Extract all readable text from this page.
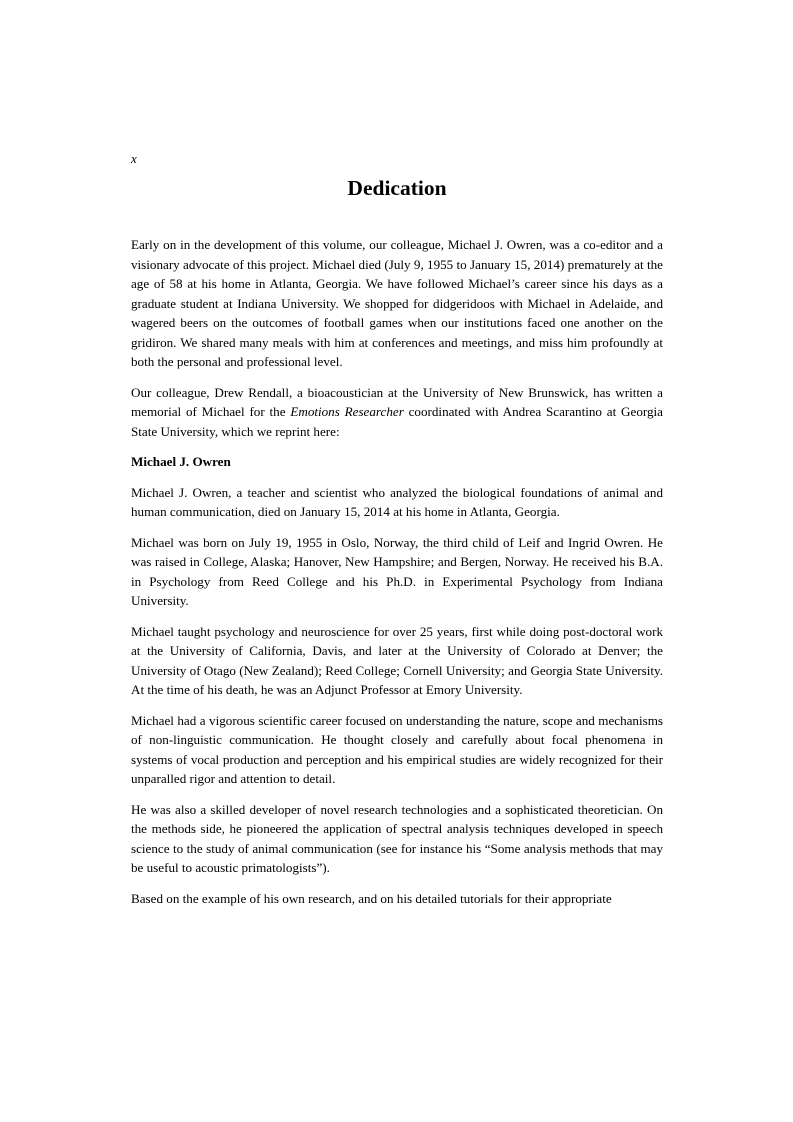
x
Dedication

Early on in the development of this volume, our colleague, Michael J. Owren, was a co-editor and a visionary advocate of this project. Michael died (July 9, 1955 to January 15, 2014) prematurely at the age of 58 at his home in Atlanta, Georgia. We have followed Michael’s career since his days as a graduate student at Indiana University. We shopped for didgeridoos with Michael in Adelaide, and wagered beers on the outcomes of football games when our institutions faced one another on the gridiron. We shared many meals with him at conferences and meetings, and miss him profoundly at both the personal and professional level.

Our colleague, Drew Rendall, a bioacoustician at the University of New Brunswick, has written a memorial of Michael for the Emotions Researcher coordinated with Andrea Scarantino at Georgia State University, which we reprint here:

Michael J. Owren

Michael J. Owren, a teacher and scientist who analyzed the biological foundations of animal and human communication, died on January 15, 2014 at his home in Atlanta, Georgia.

Michael was born on July 19, 1955 in Oslo, Norway, the third child of Leif and Ingrid Owren. He was raised in College, Alaska; Hanover, New Hampshire; and Bergen, Norway. He received his B.A. in Psychology from Reed College and his Ph.D. in Experimental Psychology from Indiana University.

Michael taught psychology and neuroscience for over 25 years, first while doing post-doctoral work at the University of California, Davis, and later at the University of Colorado at Denver; the University of Otago (New Zealand); Reed College; Cornell University; and Georgia State University. At the time of his death, he was an Adjunct Professor at Emory University.

Michael had a vigorous scientific career focused on understanding the nature, scope and mechanisms of non-linguistic communication. He thought closely and carefully about focal phenomena in systems of vocal production and perception and his empirical studies are widely recognized for their unparalled rigor and attention to detail.

He was also a skilled developer of novel research technologies and a sophisticated theoretician. On the methods side, he pioneered the application of spectral analysis techniques developed in speech science to the study of animal communication (see for instance his “Some analysis methods that may be useful to acoustic primatologists”).

Based on the example of his own research, and on his detailed tutorials for their appropriate
